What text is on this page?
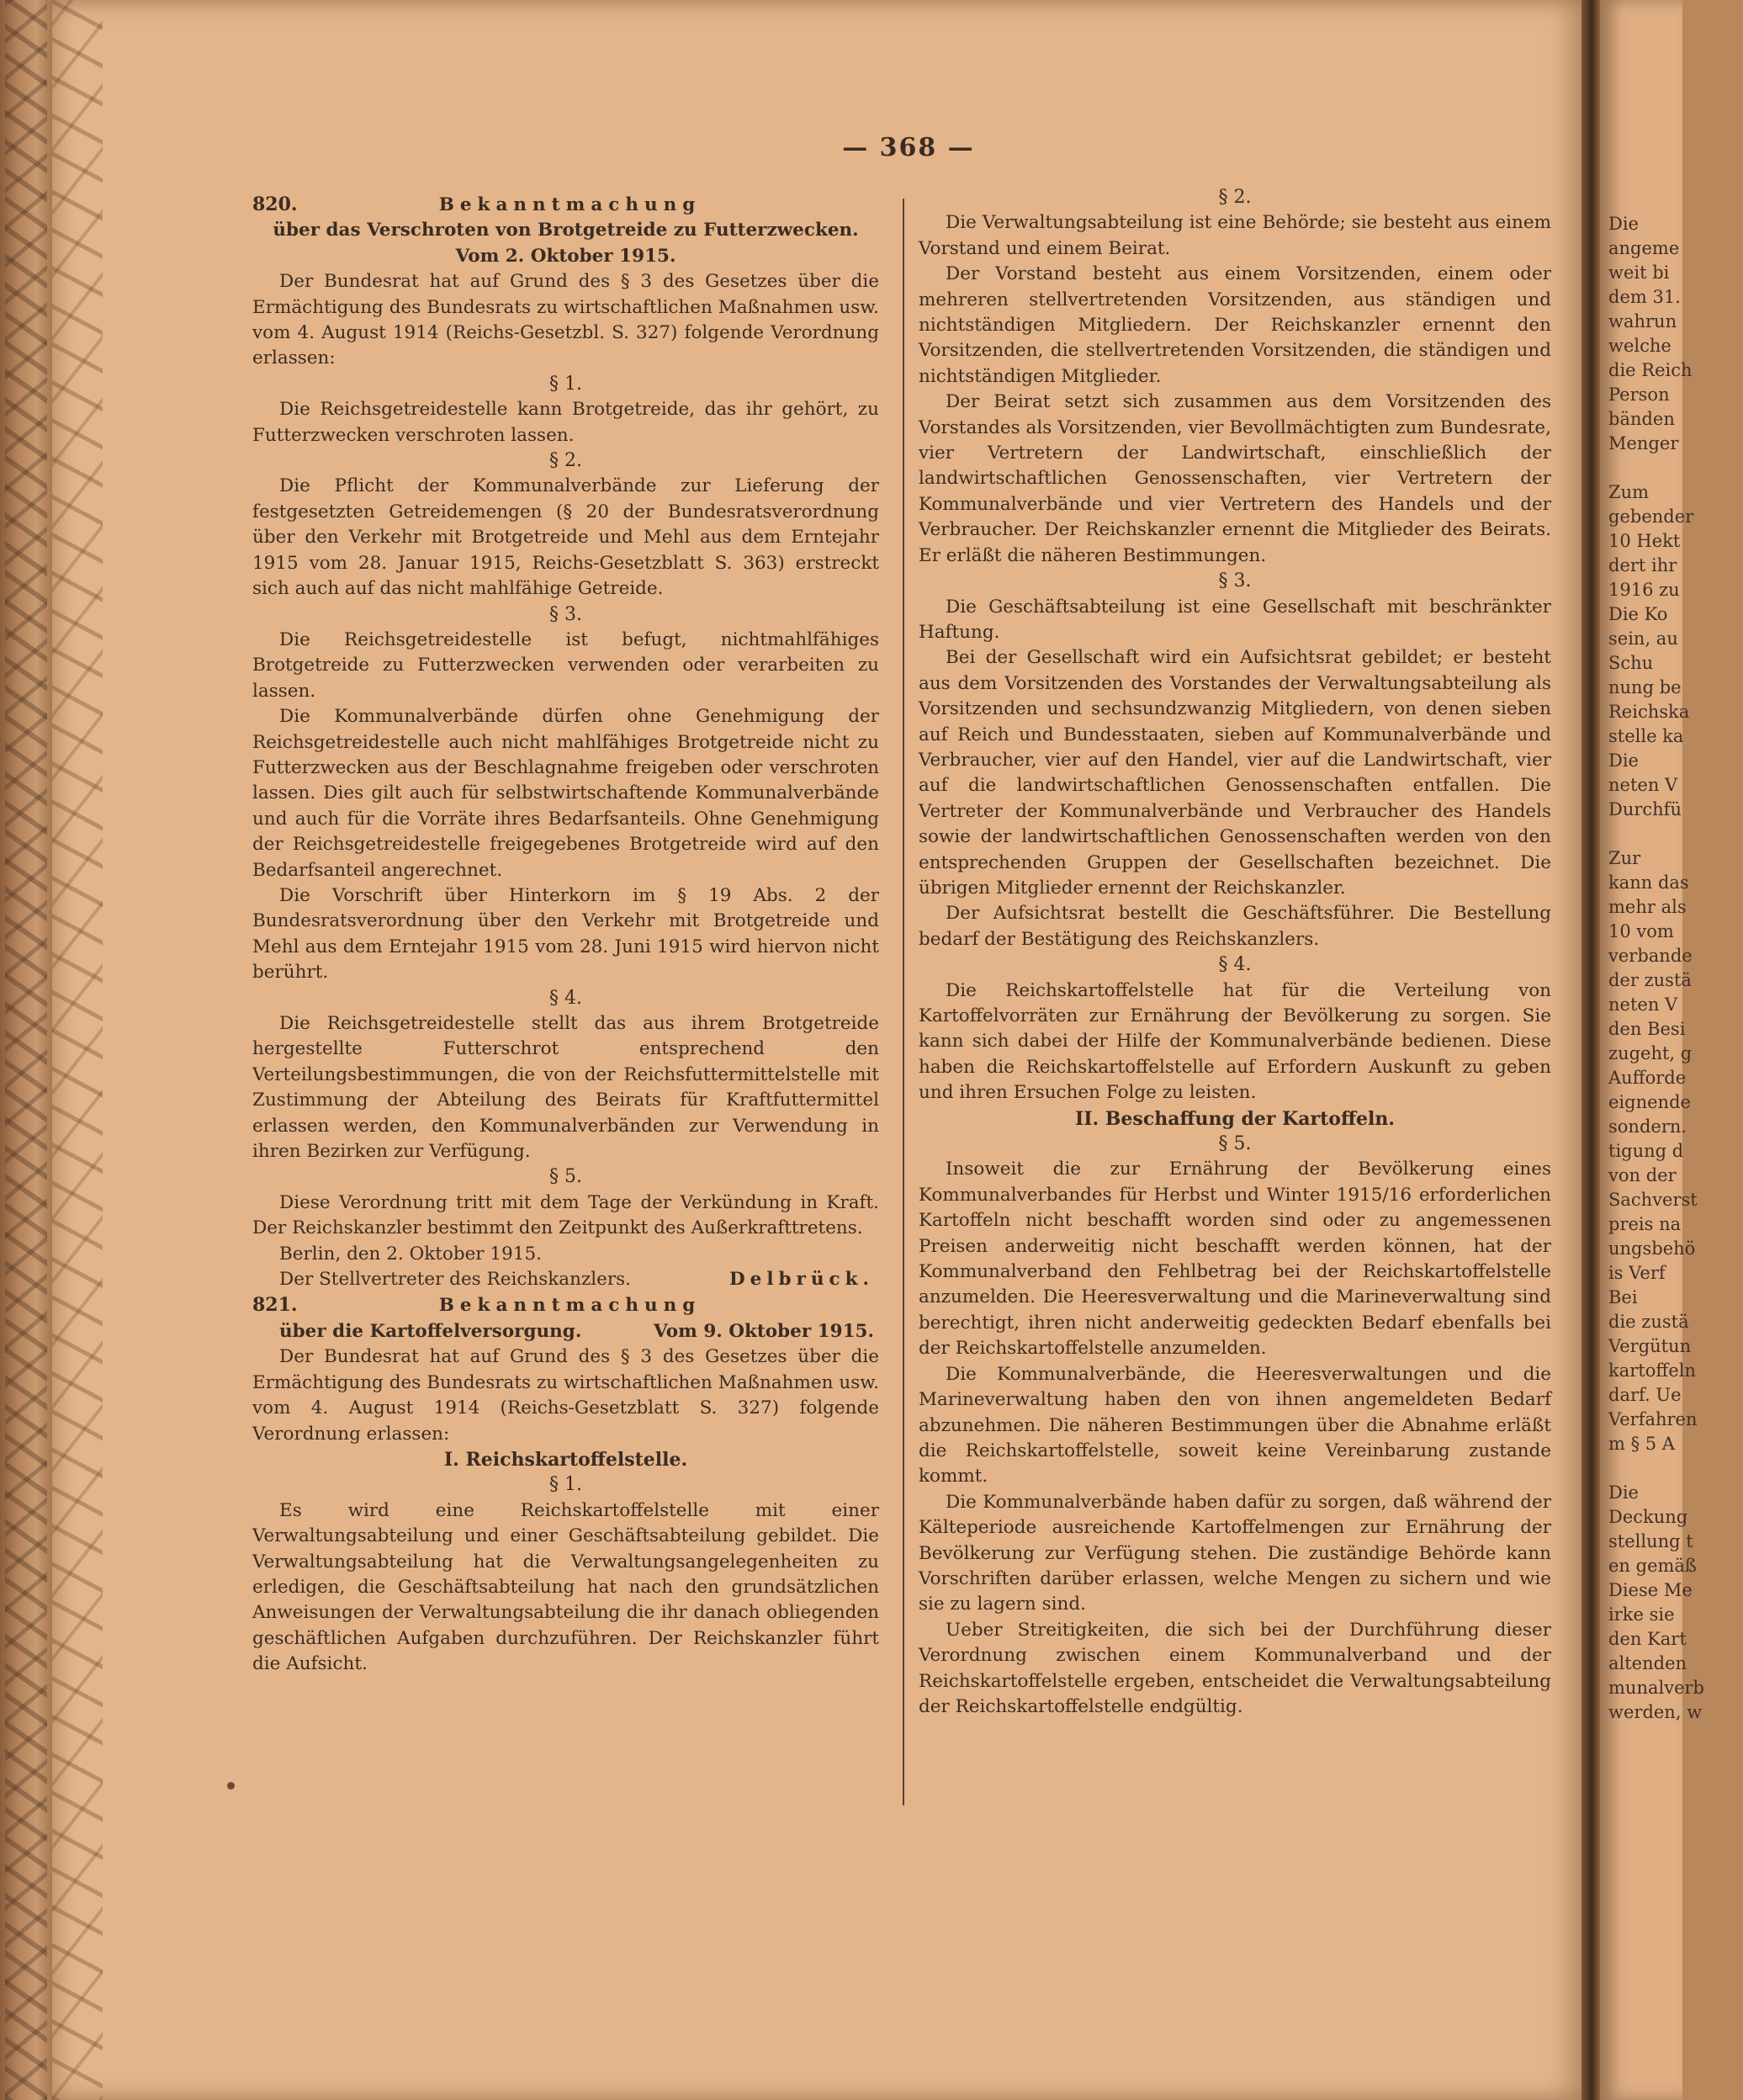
Die
angeme
weit bi
dem 31.
wahrun
welche
die Reich
Person
bänden
Menger
Zum
gebender
10 Hekt
dert ihr
1916 zu
Die Ko
sein, au
Schu
nung be
Reichska
stelle ka
Die
neten V
Durchfü
Zur
kann das
mehr als
10 vom
verbande
der zustä
neten V
den Besi
zugeht, g
Aufforde
eignende
sondern.
tigung d
von der
Sachverst
preis na
ungsbehö
is Verf
Bei
die zustä
Vergütun
kartoffeln
darf. Ue
Verfahren
m § 5 A
Die
Deckung
stellung t
en gemäß
Diese Me
irke sie
den Kart
altenden
munalverb
werden, w
— 368 —
820.	Bekanntmachung
über das Verschroten von Brotgetreide zu Futterzwecken.
Vom 2. Oktober 1915.

Der Bundesrat hat auf Grund des § 3 des Gesetzes über die Ermächtigung des Bundesrats zu wirtschaftlichen Maßnahmen usw. vom 4. August 1914 (Reichs-Gesetzbl. S. 327) folgende Verordnung erlassen:

§ 1.

Die Reichsgetreidestelle kann Brotgetreide, das ihr gehört, zu Futterzwecken verschroten lassen.

§ 2.

Die Pflicht der Kommunalverbände zur Lieferung der festgesetzten Getreidemengen (§ 20 der Bundesratsverordnung über den Verkehr mit Brotgetreide und Mehl aus dem Erntejahr 1915 vom 28. Januar 1915, Reichs-Gesetzblatt S. 363) erstreckt sich auch auf das nicht mahlfähige Getreide.

§ 3.

Die Reichsgetreidestelle ist befugt, nichtmahlfähiges Brotgetreide zu Futterzwecken verwenden oder verarbeiten zu lassen.

Die Kommunalverbände dürfen ohne Genehmigung der Reichsgetreidestelle auch nicht mahlfähiges Brotgetreide nicht zu Futterzwecken aus der Beschlagnahme freigeben oder verschroten lassen. Dies gilt auch für selbstwirtschaftende Kommunalverbände und auch für die Vorräte ihres Bedarfsanteils. Ohne Genehmigung der Reichsgetreidestelle freigegebenes Brotgetreide wird auf den Bedarfsanteil angerechnet.

Die Vorschrift über Hinterkorn im § 19 Abs. 2 der Bundesratsverordnung über den Verkehr mit Brotgetreide und Mehl aus dem Erntejahr 1915 vom 28. Juni 1915 wird hiervon nicht berührt.

§ 4.

Die Reichsgetreidestelle stellt das aus ihrem Brotgetreide hergestellte Futterschrot entsprechend den Verteilungsbestimmungen, die von der Reichsfuttermittelstelle mit Zustimmung der Abteilung des Beirats für Kraftfuttermittel erlassen werden, den Kommunalverbänden zur Verwendung in ihren Bezirken zur Verfügung.

§ 5.

Diese Verordnung tritt mit dem Tage der Verkündung in Kraft. Der Reichskanzler bestimmt den Zeitpunkt des Außerkrafttretens.

Berlin, den 2. Oktober 1915.

Der Stellvertreter des Reichskanzlers.	Delbrück.
821.	Bekanntmachung
über die Kartoffelversorgung.	Vom 9. Oktober 1915.

Der Bundesrat hat auf Grund des § 3 des Gesetzes über die Ermächtigung des Bundesrats zu wirtschaftlichen Maßnahmen usw. vom 4. August 1914 (Reichs-Gesetzblatt S. 327) folgende Verordnung erlassen:

I. Reichskartoffelstelle.
§ 1.

Es wird eine Reichskartoffelstelle mit einer Verwaltungsabteilung und einer Geschäftsabteilung gebildet. Die Verwaltungsabteilung hat die Verwaltungsangelegenheiten zu erledigen, die Geschäftsabteilung hat nach den grundsätzlichen Anweisungen der Verwaltungsabteilung die ihr danach obliegenden geschäftlichen Aufgaben durchzuführen. Der Reichskanzler führt die Aufsicht.

§ 2.

Die Verwaltungsabteilung ist eine Behörde; sie besteht aus einem Vorstand und einem Beirat.

Der Vorstand besteht aus einem Vorsitzenden, einem oder mehreren stellvertretenden Vorsitzenden, aus ständigen und nichtständigen Mitgliedern. Der Reichskanzler ernennt den Vorsitzenden, die stellvertretenden Vorsitzenden, die ständigen und nichtständigen Mitglieder.

Der Beirat setzt sich zusammen aus dem Vorsitzenden des Vorstandes als Vorsitzenden, vier Bevollmächtigten zum Bundesrate, vier Vertretern der Landwirtschaft, einschließlich der landwirtschaftlichen Genossenschaften, vier Vertretern der Kommunalverbände und vier Vertretern des Handels und der Verbraucher. Der Reichskanzler ernennt die Mitglieder des Beirats. Er erläßt die näheren Bestimmungen.

§ 3.

Die Geschäftsabteilung ist eine Gesellschaft mit beschränkter Haftung.

Bei der Gesellschaft wird ein Aufsichtsrat gebildet; er besteht aus dem Vorsitzenden des Vorstandes der Verwaltungsabteilung als Vorsitzenden und sechsundzwanzig Mitgliedern, von denen sieben auf Reich und Bundesstaaten, sieben auf Kommunalverbände und Verbraucher, vier auf den Handel, vier auf die Landwirtschaft, vier auf die landwirtschaftlichen Genossenschaften entfallen. Die Vertreter der Kommunalverbände und Verbraucher des Handels sowie der landwirtschaftlichen Genossenschaften werden von den entsprechenden Gruppen der Gesellschaften bezeichnet. Die übrigen Mitglieder ernennt der Reichskanzler.

Der Aufsichtsrat bestellt die Geschäftsführer. Die Bestellung bedarf der Bestätigung des Reichskanzlers.

§ 4.

Die Reichskartoffelstelle hat für die Verteilung von Kartoffelvorräten zur Ernährung der Bevölkerung zu sorgen. Sie kann sich dabei der Hilfe der Kommunalverbände bedienen. Diese haben die Reichskartoffelstelle auf Erfordern Auskunft zu geben und ihren Ersuchen Folge zu leisten.

II. Beschaffung der Kartoffeln.
§ 5.

Insoweit die zur Ernährung der Bevölkerung eines Kommunalverbandes für Herbst und Winter 1915/16 erforderlichen Kartoffeln nicht beschafft worden sind oder zu angemessenen Preisen anderweitig nicht beschafft werden können, hat der Kommunalverband den Fehlbetrag bei der Reichskartoffelstelle anzumelden. Die Heeresverwaltung und die Marineverwaltung sind berechtigt, ihren nicht anderweitig gedeckten Bedarf ebenfalls bei der Reichskartoffelstelle anzumelden.

Die Kommunalverbände, die Heeresverwaltungen und die Marineverwaltung haben den von ihnen angemeldeten Bedarf abzunehmen. Die näheren Bestimmungen über die Abnahme erläßt die Reichskartoffelstelle, soweit keine Vereinbarung zustande kommt.

Die Kommunalverbände haben dafür zu sorgen, daß während der Kälteperiode ausreichende Kartoffelmengen zur Ernährung der Bevölkerung zur Verfügung stehen. Die zuständige Behörde kann Vorschriften darüber erlassen, welche Mengen zu sichern und wie sie zu lagern sind.

Ueber Streitigkeiten, die sich bei der Durchführung dieser Verordnung zwischen einem Kommunalverband und der Reichskartoffelstelle ergeben, entscheidet die Verwaltungsabteilung der Reichskartoffelstelle endgültig.
